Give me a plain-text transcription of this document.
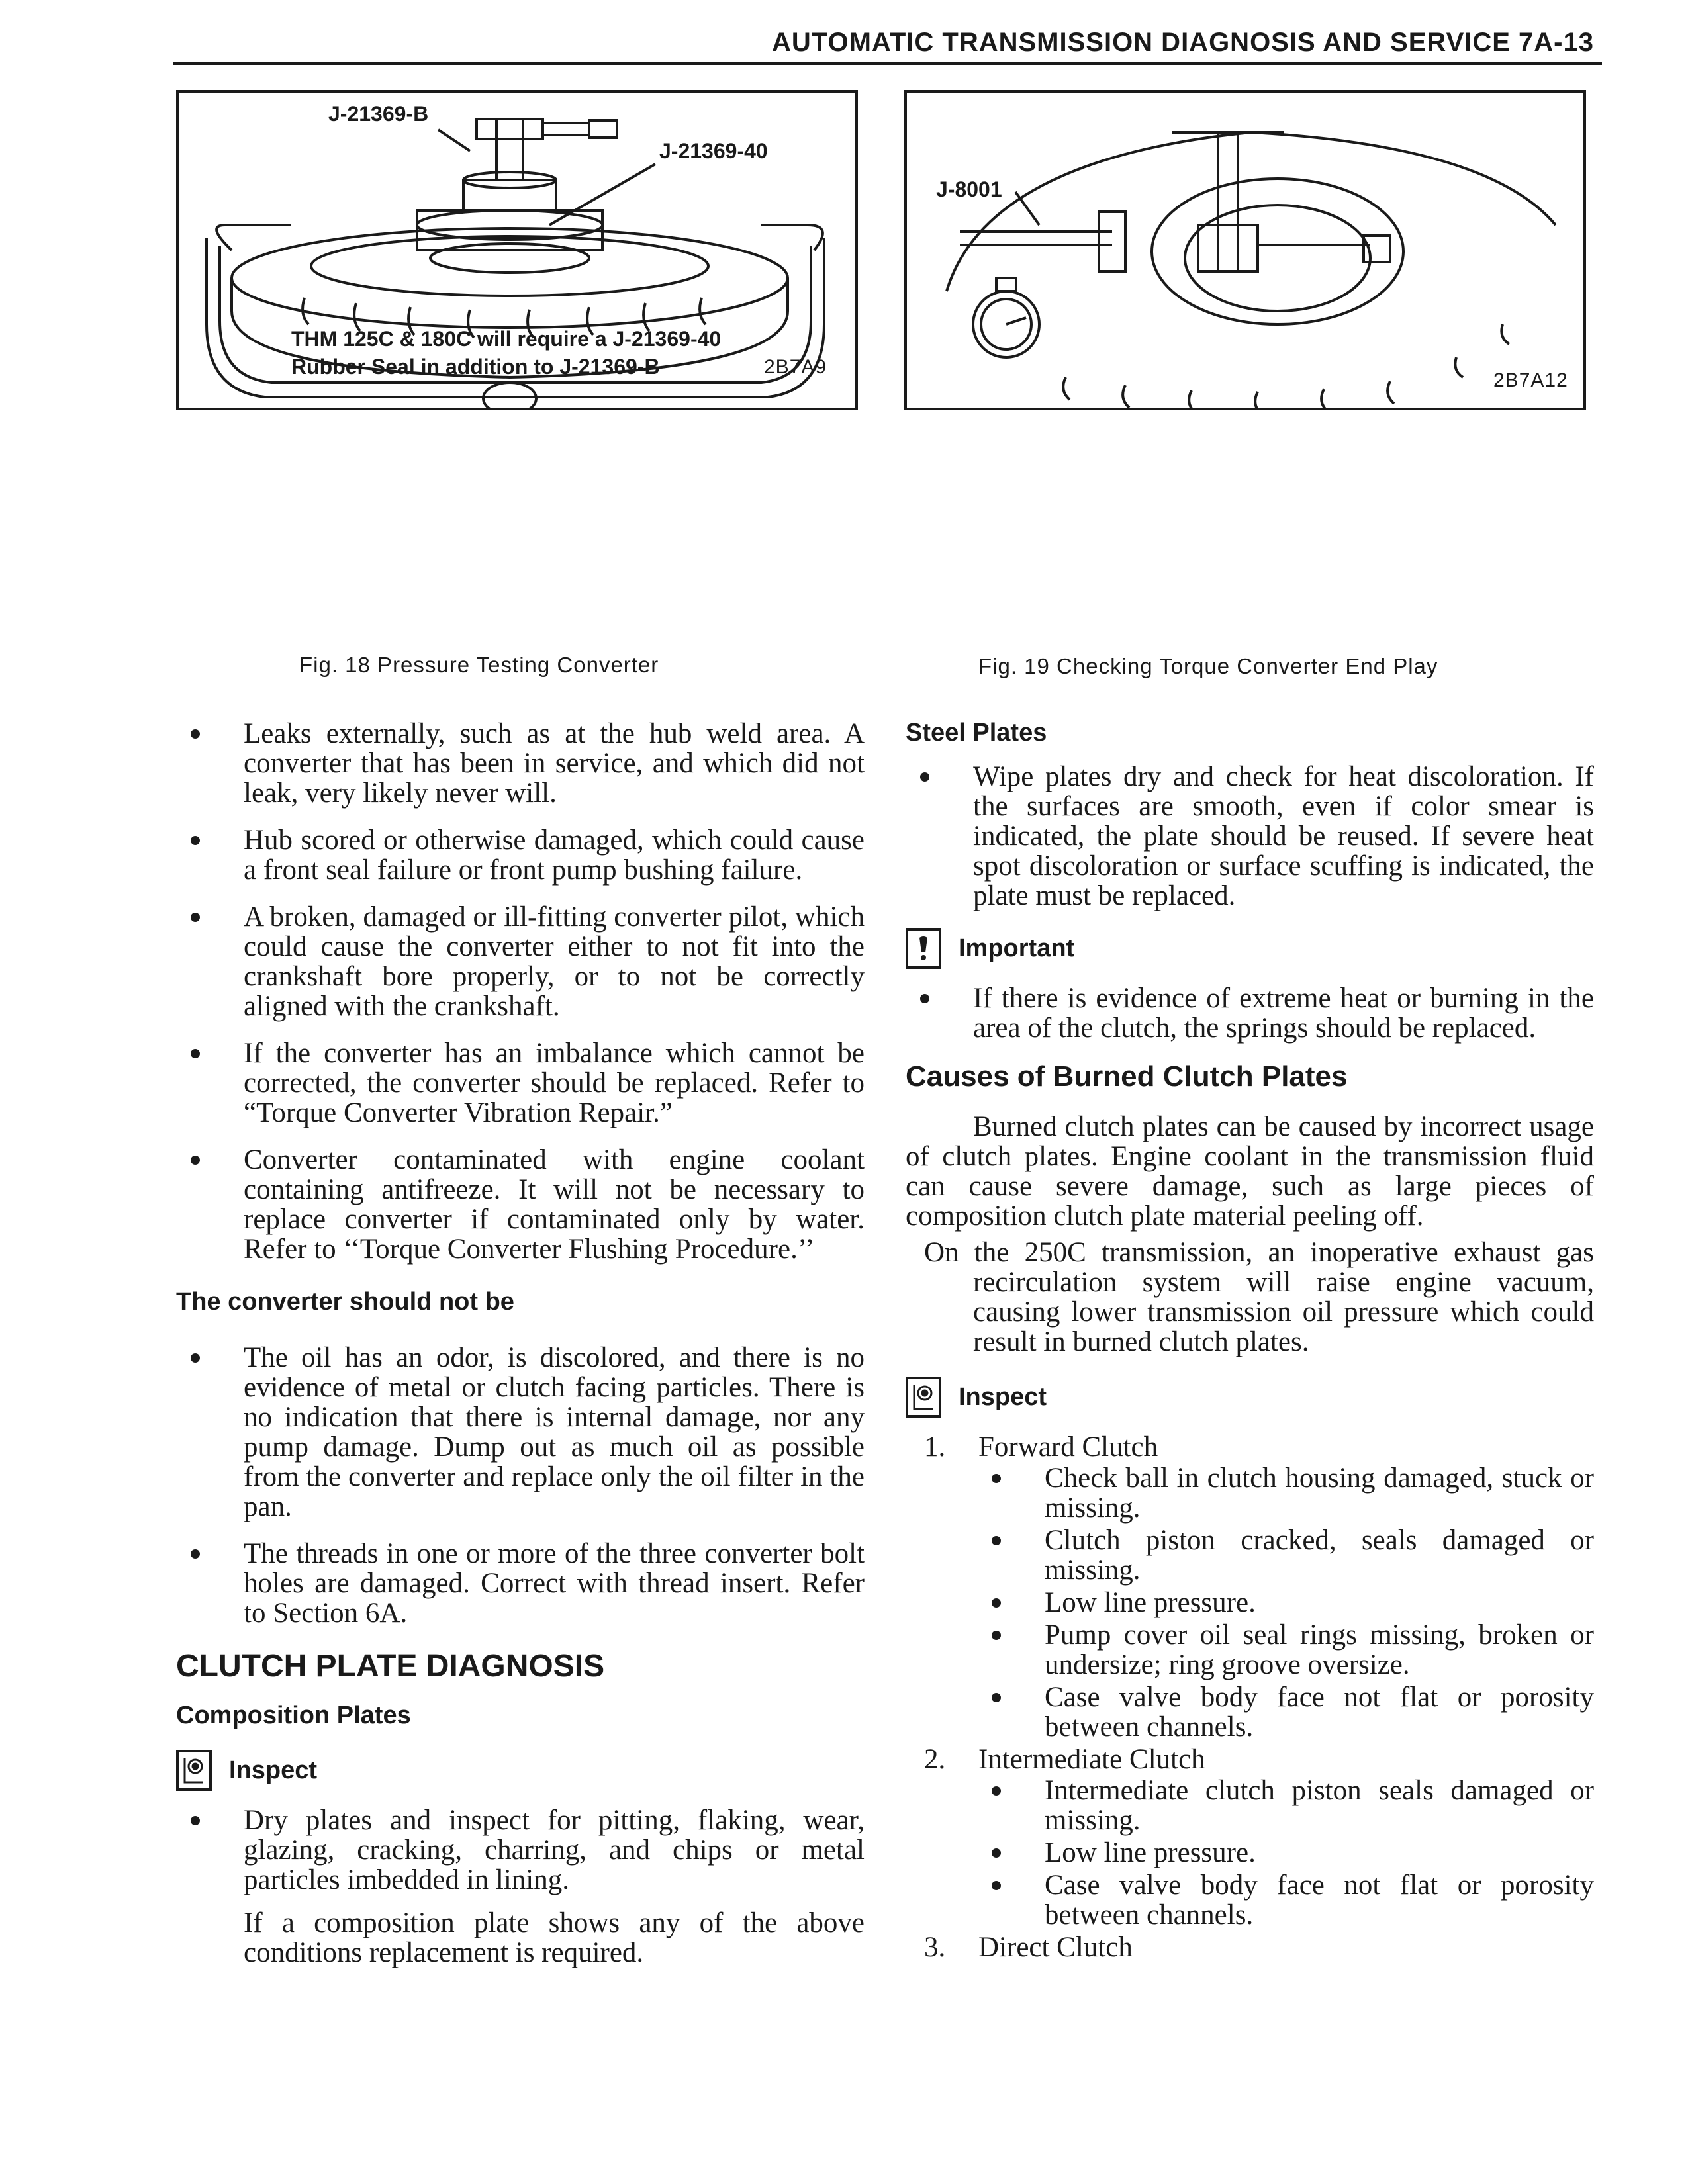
AUTOMATIC TRANSMISSION DIAGNOSIS AND SERVICE 7A-13
J-21369-B
J-21369-40
THM 125C & 180C will require a J-21369-40
Rubber Seal in addition to J-21369-B	2B7A9
Fig. 18 Pressure Testing Converter
J-8001
2B7A12
Fig. 19 Checking Torque Converter End Play
Leaks externally, such as at the hub weld area. A converter that has been in service, and which did not leak, very likely never will.
Hub scored or otherwise damaged, which could cause a front seal failure or front pump bushing failure.
A broken, damaged or ill-fitting converter pilot, which could cause the converter either to not fit into the crankshaft bore properly, or to not be correctly aligned with the crankshaft.
If the converter has an imbalance which cannot be corrected, the converter should be replaced. Refer to “Torque Converter Vibration Repair.”
Converter contaminated with engine coolant containing antifreeze. It will not be necessary to replace converter if contaminated only by water. Refer to ‘‘Torque Converter Flushing Procedure.’’
The converter should not be
The oil has an odor, is discolored, and there is no evidence of metal or clutch facing particles. There is no indication that there is internal damage, nor any pump damage. Dump out as much oil as possible from the converter and replace only the oil filter in the pan.
The threads in one or more of the three converter bolt holes are damaged. Correct with thread insert. Refer to Section 6A.
CLUTCH PLATE DIAGNOSIS
Composition Plates
Inspect
Dry plates and inspect for pitting, flaking, wear, glazing, cracking, charring, and chips or metal particles imbedded in lining.
If a composition plate shows any of the above conditions replacement is required.
Steel Plates
Wipe plates dry and check for heat discoloration. If the surfaces are smooth, even if color smear is indicated, the plate should be reused. If severe heat spot discoloration or surface scuffing is indicated, the plate must be replaced.
Important
If there is evidence of extreme heat or burning in the area of the clutch, the springs should be replaced.
Causes of Burned Clutch Plates
Burned clutch plates can be caused by incorrect usage of clutch plates. Engine coolant in the transmission fluid can cause severe damage, such as large pieces of composition clutch plate material peeling off.
On the 250C transmission, an inoperative exhaust gas recirculation system will raise engine vacuum, causing lower transmission oil pressure which could result in burned clutch plates.
Inspect
1. Forward Clutch
Check ball in clutch housing damaged, stuck or missing.
Clutch piston cracked, seals damaged or missing.
Low line pressure.
Pump cover oil seal rings missing, broken or undersize; ring groove oversize.
Case valve body face not flat or porosity between channels.
2. Intermediate Clutch
Intermediate clutch piston seals damaged or missing.
Low line pressure.
Case valve body face not flat or porosity between channels.
3. Direct Clutch
